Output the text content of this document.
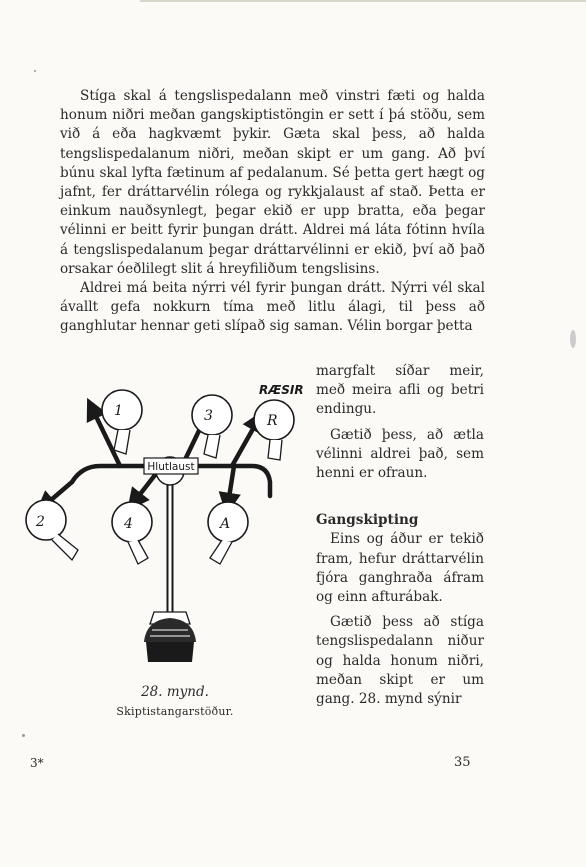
Stíga skal á tengslispedalann með vinstri fæti og halda honum niðri meðan gangskiptistöngin er sett í þá stöðu, sem við á eða hagkvæmt þykir. Gæta skal þess, að halda tengslispedalanum niðri, meðan skipt er um gang. Að því búnu skal lyfta fætinum af pedalanum. Sé þetta gert hægt og jafnt, fer dráttarvélin rólega og rykkjalaust af stað. Þetta er einkum nauðsynlegt, þegar ekið er upp bratta, eða þegar vélinni er beitt fyrir þungan drátt. Aldrei má láta fótinn hvíla á tengslispedalanum þegar dráttarvélinni er ekið, því að það orsakar óeðlilegt slit á hreyfiliðum tengslisins.

Aldrei má beita nýrri vél fyrir þungan drátt. Nýrri vél skal ávallt gefa nokkurn tíma með litlu álagi, til þess að ganghlutar hennar geti slípað sig saman. Vélin borgar þetta

1	3	R
2	4	A
Hlutlaust
RÆSIR
28. mynd.
Skiptistangarstöður.

margfalt síðar meir, með meira afli og betri endingu.

Gætið þess, að ætla vélinni aldrei það, sem henni er ofraun.

Gangskipting

Eins og áður er tekið fram, hefur dráttarvélin fjóra ganghraða áfram og einn afturábak.

Gætið þess að stíga tengslispedalann niður og halda honum niðri, meðan skipt er um gang. 28. mynd sýnir

3*	35
